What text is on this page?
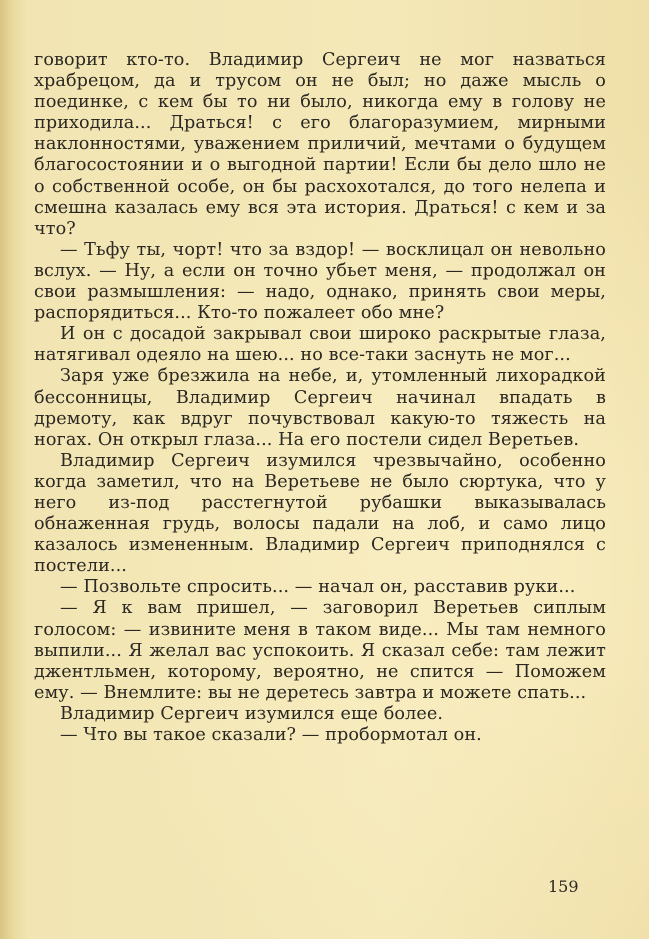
говорит кто-то. Владимир Сергеич не мог назваться храбрецом, да и трусом он не был; но даже мысль о поединке, с кем бы то ни было, никогда ему в голову не приходила... Драться! с его благоразумием, мирными наклонностями, уважением приличий, мечтами о будущем благосостоянии и о выгодной партии! Если бы дело шло не о собственной особе, он бы расхохотался, до того нелепа и смешна казалась ему вся эта история. Драться! с кем и за что?

— Тьфу ты, чорт! что за вздор! — восклицал он невольно вслух. — Ну, а если он точно убьет меня, — продолжал он свои размышления: — надо, однако, принять свои меры, распорядиться... Кто-то пожалеет обо мне?

И он с досадой закрывал свои широко раскрытые глаза, натягивал одеяло на шею... но все-таки заснуть не мог...

Заря уже брезжила на небе, и, утомленный лихорадкой бессонницы, Владимир Сергеич начинал впадать в дремоту, как вдруг почувствовал какую-то тяжесть на ногах. Он открыл глаза... На его постели сидел Веретьев.

Владимир Сергеич изумился чрезвычайно, особенно когда заметил, что на Веретьеве не было сюртука, что у него из-под расстегнутой рубашки выказывалась обнаженная грудь, волосы падали на лоб, и само лицо казалось измененным. Владимир Сергеич приподнялся с постели...

— Позвольте спросить... — начал он, расставив руки...

— Я к вам пришел, — заговорил Веретьев сиплым голосом: — извините меня в таком виде... Мы там немного выпили... Я желал вас успокоить. Я сказал себе: там лежит джентльмен, которому, вероятно, не спится — Поможем ему. — Внемлите: вы не деретесь завтра и можете спать...

Владимир Сергеич изумился еще более.

— Что вы такое сказали? — пробормотал он.

159
